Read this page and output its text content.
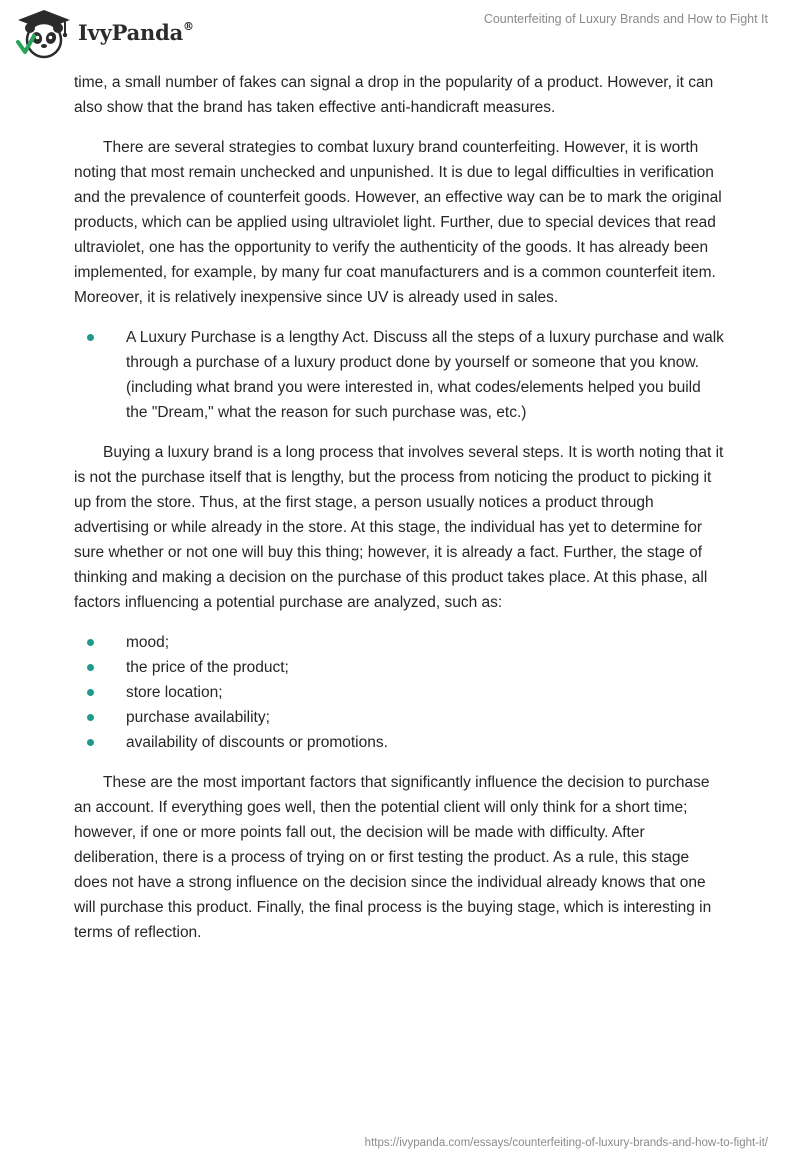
IvyPanda®
Counterfeiting of Luxury Brands and How to Fight It

time, a small number of fakes can signal a drop in the popularity of a product. However, it can also show that the brand has taken effective anti-handicraft measures.

There are several strategies to combat luxury brand counterfeiting. However, it is worth noting that most remain unchecked and unpunished. It is due to legal difficulties in verification and the prevalence of counterfeit goods. However, an effective way can be to mark the original products, which can be applied using ultraviolet light. Further, due to special devices that read ultraviolet, one has the opportunity to verify the authenticity of the goods. It has already been implemented, for example, by many fur coat manufacturers and is a common counterfeit item. Moreover, it is relatively inexpensive since UV is already used in sales.

A Luxury Purchase is a lengthy Act. Discuss all the steps of a luxury purchase and walk through a purchase of a luxury product done by yourself or someone that you know. (including what brand you were interested in, what codes/elements helped you build the "Dream," what the reason for such purchase was, etc.)

Buying a luxury brand is a long process that involves several steps. It is worth noting that it is not the purchase itself that is lengthy, but the process from noticing the product to picking it up from the store. Thus, at the first stage, a person usually notices a product through advertising or while already in the store. At this stage, the individual has yet to determine for sure whether or not one will buy this thing; however, it is already a fact. Further, the stage of thinking and making a decision on the purchase of this product takes place. At this phase, all factors influencing a potential purchase are analyzed, such as:

mood;
the price of the product;
store location;
purchase availability;
availability of discounts or promotions.

These are the most important factors that significantly influence the decision to purchase an account. If everything goes well, then the potential client will only think for a short time; however, if one or more points fall out, the decision will be made with difficulty. After deliberation, there is a process of trying on or first testing the product. As a rule, this stage does not have a strong influence on the decision since the individual already knows that one will purchase this product. Finally, the final process is the buying stage, which is interesting in terms of reflection.

https://ivypanda.com/essays/counterfeiting-of-luxury-brands-and-how-to-fight-it/
